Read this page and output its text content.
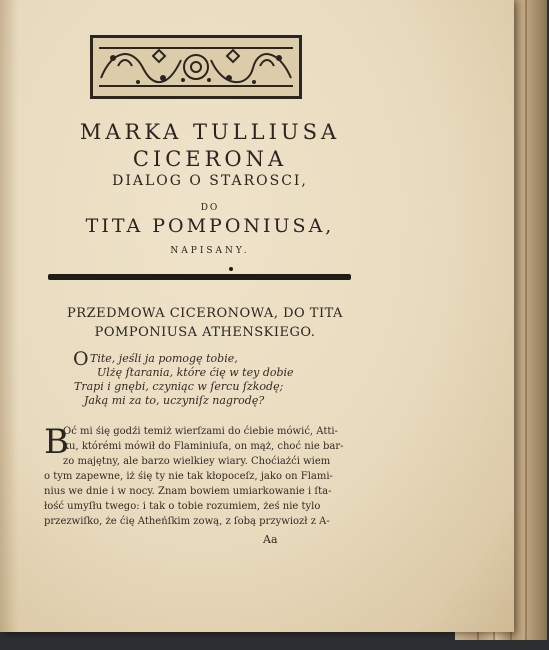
MARKA TULLIUSA
CICERONA
DIALOG O STAROSCI,
DO
TITA POMPONIUSA,
NAPISANY.
PRZEDMOWA CICERONOWA, DO TITA
POMPONIUSA ATHENSKIEGO.
O Tite, jeśli ja pomogę tobie,
Ulżę ſtarania, które ćię w tey dobie
Trapi i gnębi, czyniąc w ſercu ſzkodę;
Jaką mi za to, uczyniſz nagrodę?
B
Oć mi śię godźi temiż wierſzami do ćiebie mówić, Atti-
ku, którémi mówił do Flaminiuſa, on mąż, choć nie bar-
zo majętny, ale barzo wielkiey wiary. Choćiażći wiem
o tym zapewne, iż śię ty nie tak kłopoceſz, jako on Flami-
nius we dnie i w nocy. Znam bowiem umiarkowanie i ſta-
łość umyſłu twego: i tak o tobie rozumiem, żeś nie tylo
przezwiſko, że ćię Atheńſkim zową, z ſobą przywiozł z A-
Aa
